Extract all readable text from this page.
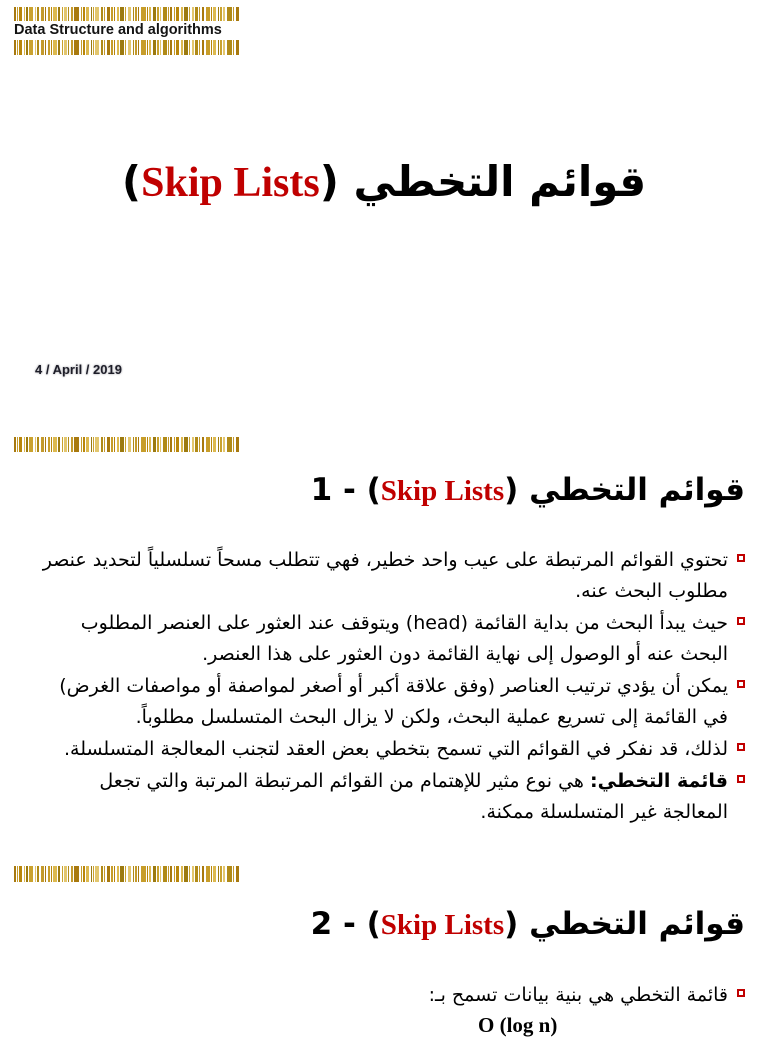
Data Structure and algorithms
قوائم التخطي (Skip Lists)
4 / April / 2019
قوائم التخطي (Skip Lists) - 1
تحتوي القوائم المرتبطة على عيب واحد خطير، فهي تتطلب مسحاً تسلسلياً لتحديد عنصر مطلوب البحث عنه.
حيث يبدأ البحث من بداية القائمة (head) ويتوقف عند العثور على العنصر المطلوب البحث عنه أو الوصول إلى نهاية القائمة دون العثور على هذا العنصر.
يمكن أن يؤدي ترتيب العناصر (وفق علاقة أكبر أو أصغر لمواصفة أو مواصفات الغرض) في القائمة إلى تسريع عملية البحث، ولكن لا يزال البحث المتسلسل مطلوباً.
لذلك، قد نفكر في القوائم التي تسمح بتخطي بعض العقد لتجنب المعالجة المتسلسلة.
قائمة التخطي: هي نوع مثير للإهتمام من القوائم المرتبطة المرتبة والتي تجعل المعالجة غير المتسلسلة ممكنة.
قوائم التخطي (Skip Lists) - 2
قائمة التخطي هي بنية بيانات تسمح بـ:
O (log n)
